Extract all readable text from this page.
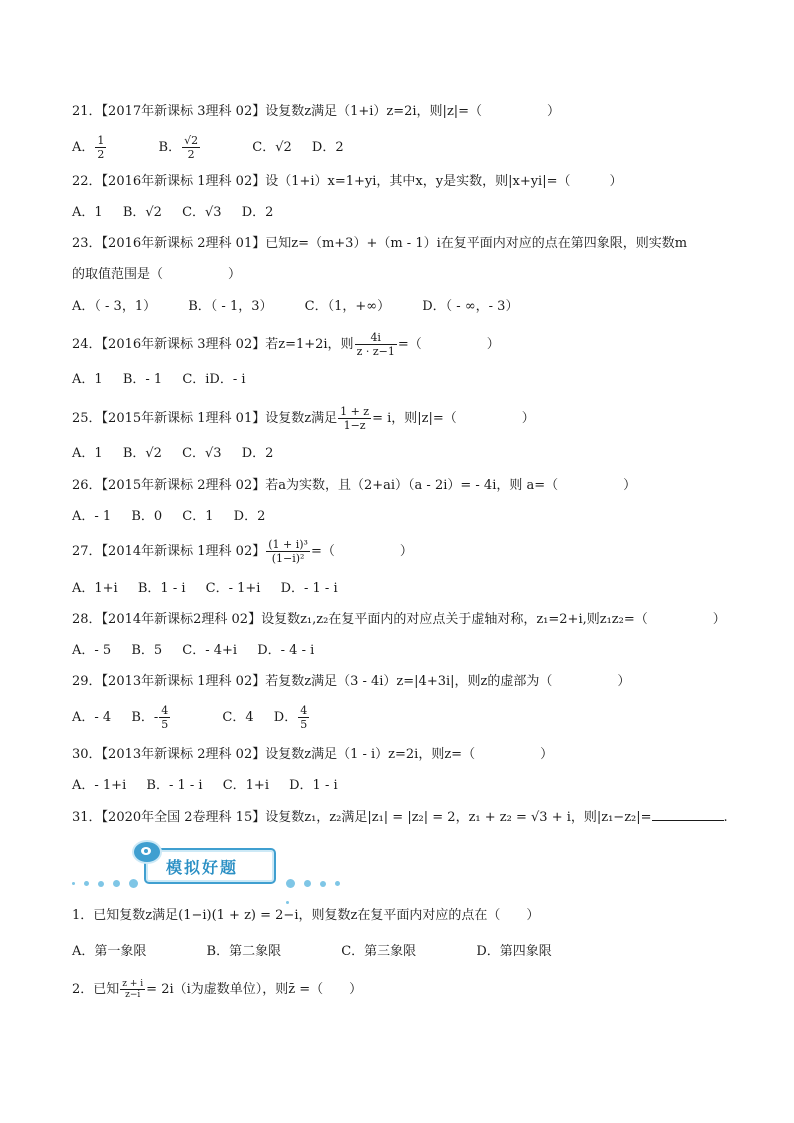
21．【2017年新课标 3理科 02】设复数z满足（1+i）z=2i，则|z|=（　　　　　）
A． $\frac{1}{2}$	B． $\frac{√2}{2}$	C．√2 D．2
22．【2016年新课标 1理科 02】设（1+i）x=1+yi，其中x，y是实数，则|x+yi|=（　　　）
A．1 B．√2 C．√3 D．2
23．【2016年新课标 2理科 01】已知z=（m+3）+（m - 1）i在复平面内对应的点在第四象限，则实数m
的取值范围是（　　　　　）
A．（ - 3，1） B．（ - 1，3） C．（1，+∞） D．（ - ∞，- 3）
24．【2016年新课标 3理科 02】若z=1+2i，则 $\frac{4i}{z \cdot z-1}$ =（　　　　　）
A．1 B．- 1 C．iD．- i
25．【2015年新课标 1理科 01】设复数z满足 $\frac{1 + z}{1-z} = i$，则|z|=（　　　　　）
A．1 B．√2 C．√3 D．2
26．【2015年新课标 2理科 02】若a为实数，且（2+ai）（a - 2i）= - 4i，则 a=（　　　　　）
A．- 1 B．0 C．1 D．2
27．【2014年新课标 1理科 02】 $\frac{\text{(1 + i)³}}{\text{(1−i)²}}$ =（　　　　　）
A．1+i B．1 - i C．- 1+i D．- 1 - i
28．【2014年新课标2理科 02】设复数z₁,z₂在复平面内的对应点关于虚轴对称，z₁=2+i,则z₁z₂=（　　　　　）
A．- 5 B．5 C．- 4+i D．- 4 - i
29．【2013年新课标 1理科 02】若复数z满足（3 - 4i）z=|4+3i|，则z的虚部为（　　　　　）
A．- 4 B．- $\frac{4}{5}$	C．4 D． $\frac{4}{5}$
30．【2013年新课标 2理科 02】设复数z满足（1 - i）z=2i，则z=（　　　　　）
A．- 1+i B．- 1 - i C．1+i D．1 - i
31．【2020年全国 2卷理科 15】设复数z₁，z₂满足|z₁| = |z₂| = 2，z₁ + z₂ = √3 + i，则|z₁−z₂|=	.
模拟好题
1．已知复数z满足(1−i)(1 + z) = 2−i，则复数z在复平面内对应的点在（　　）
A．第一象限	B．第二象限	C．第三象限	D．第四象限
2．已知 $\frac{z + i}{z-i} = 2i(i$为虚数单位），则z̄ =（　　）
